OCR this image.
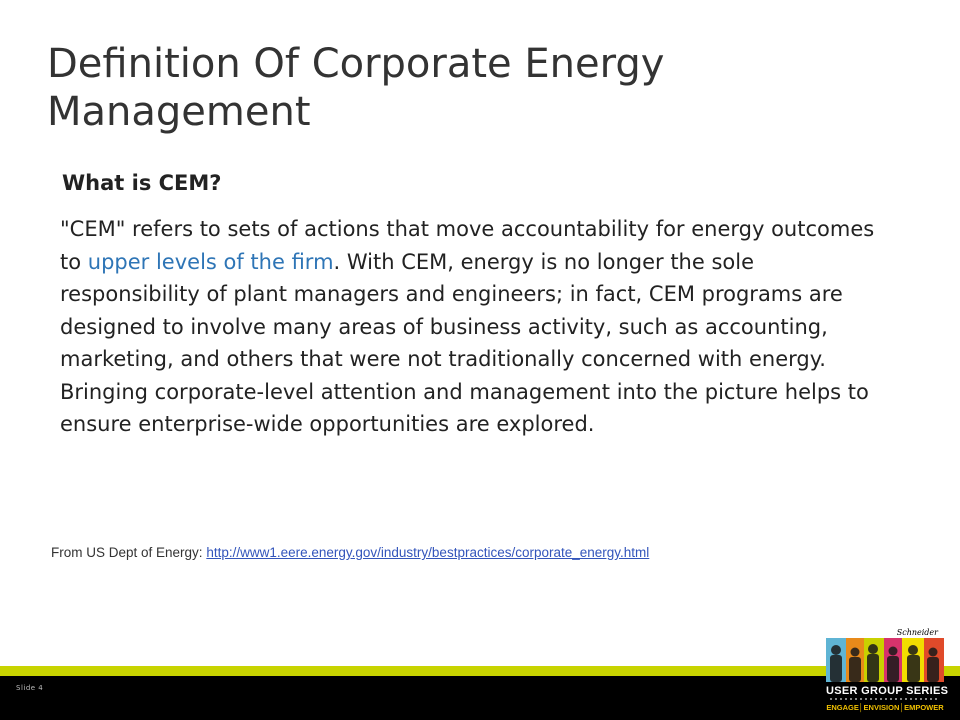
Definition Of Corporate Energy Management
What is CEM?

"CEM" refers to sets of actions that move accountability for energy outcomes to upper levels of the firm. With CEM, energy is no longer the sole responsibility of plant managers and engineers; in fact, CEM programs are designed to involve many areas of business activity, such as accounting, marketing, and others that were not traditionally concerned with energy. Bringing corporate-level attention and management into the picture helps to ensure enterprise-wide opportunities are explored.

From US Dept of Energy: http://www1.eere.energy.gov/industry/bestpractices/corporate_energy.html
Slide 4
Schneider
USER GROUP SERIES
ENGAGE│ENVISION│EMPOWER
